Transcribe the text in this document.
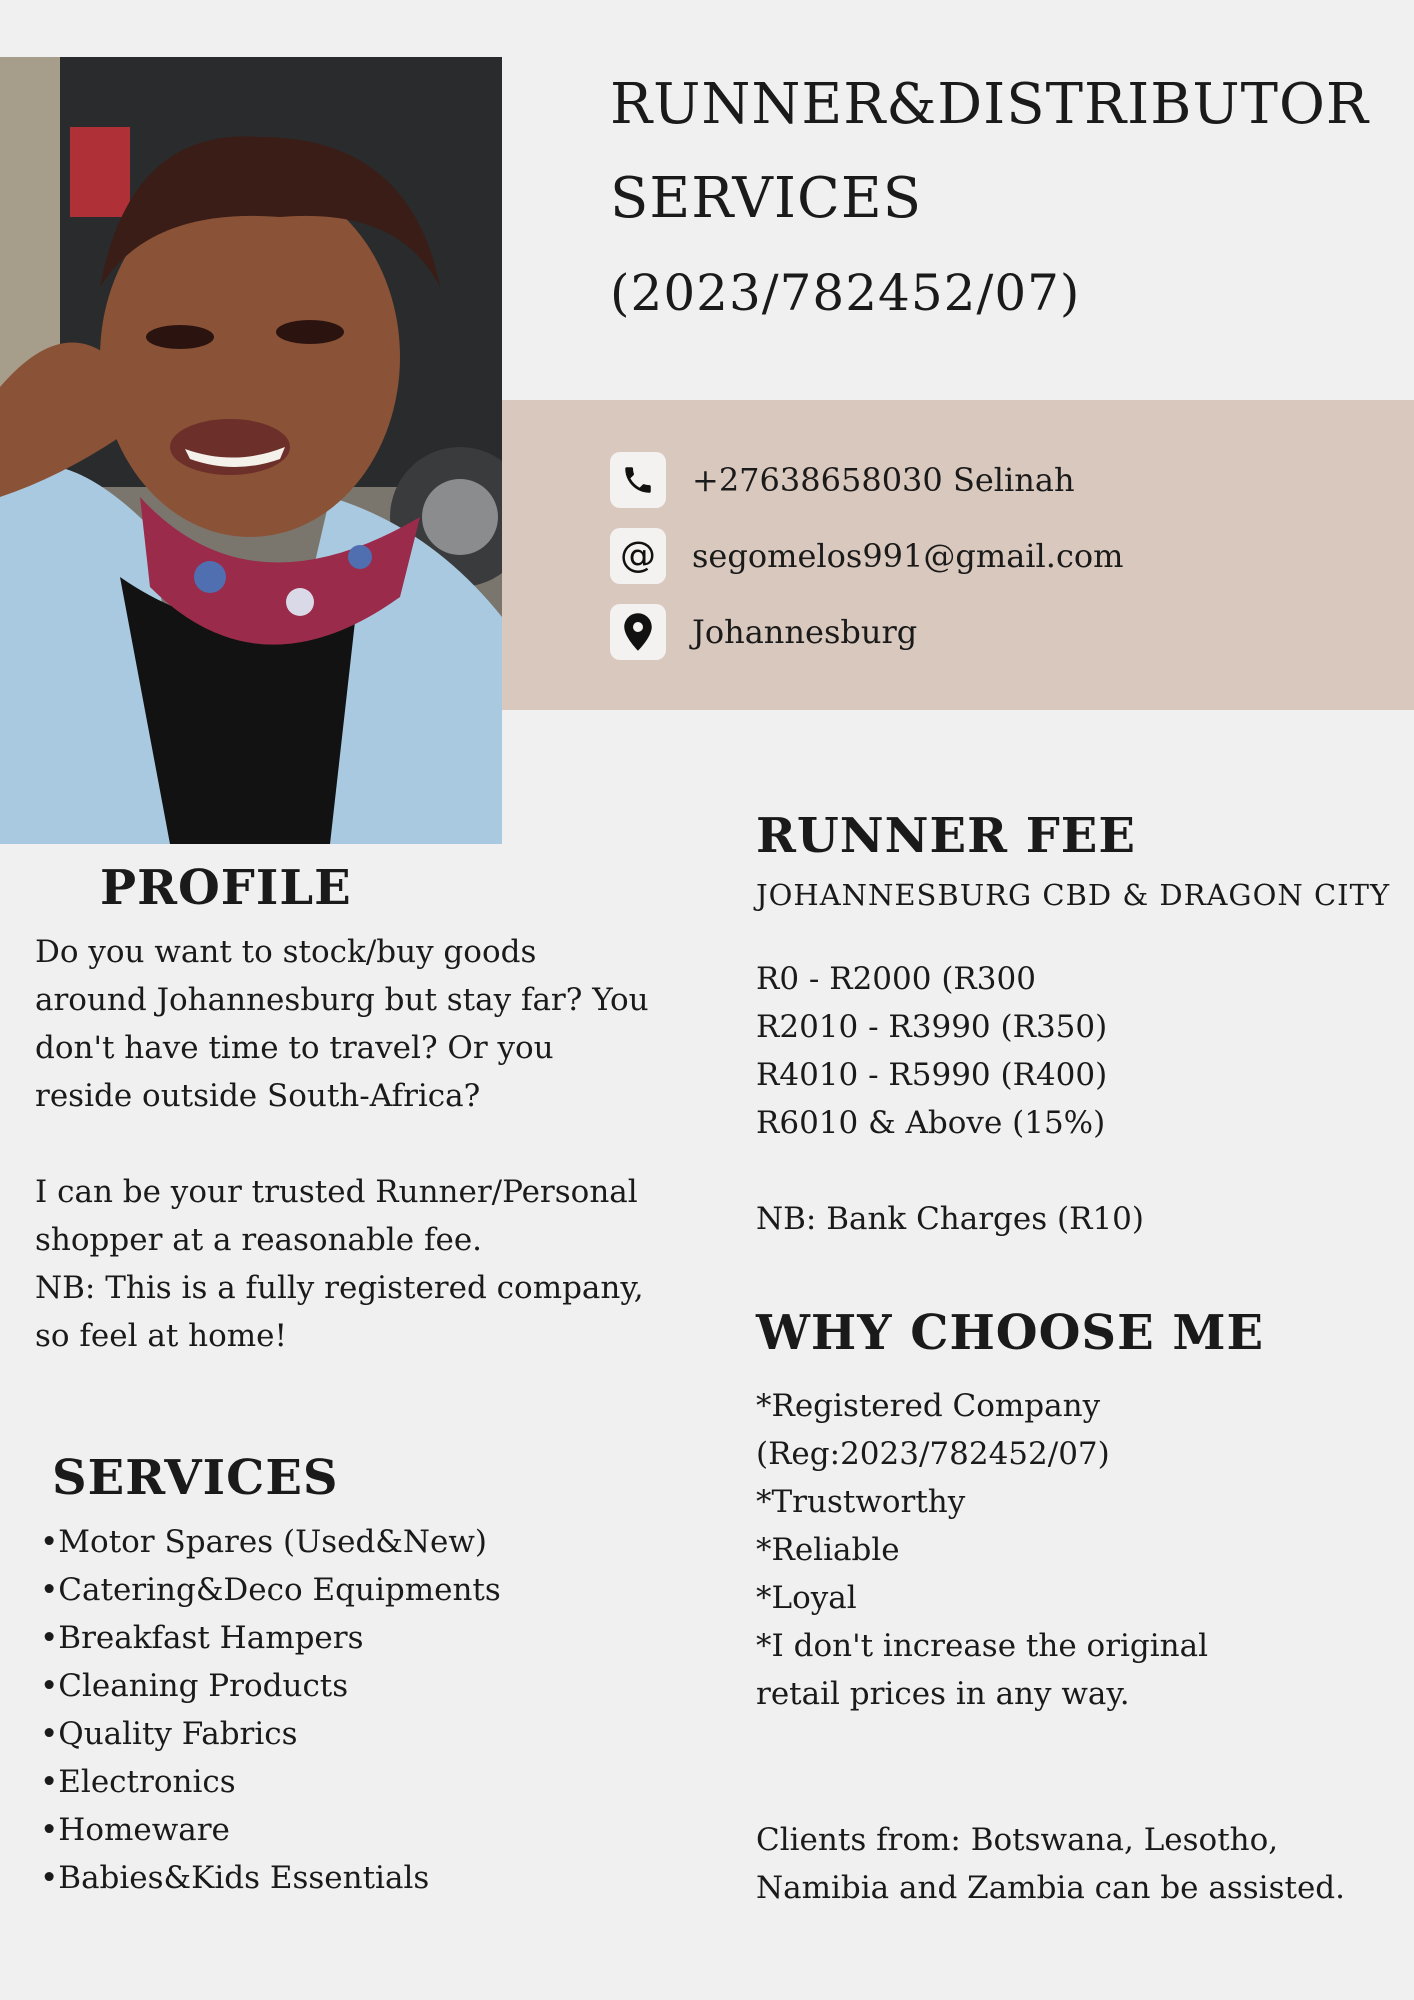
RUNNER&DISTRIBUTOR
SERVICES
(2023/782452/07)
+27638658030 Selinah
@ segomelos991@gmail.com
Johannesburg
PROFILE

Do you want to stock/buy goods around Johannesburg but stay far? You don't have time to travel? Or you reside outside South-Africa?

I can be your trusted Runner/Personal shopper at a reasonable fee.

NB: This is a fully registered company, so feel at home!

SERVICES
•Motor Spares (Used&New)
•Catering&Deco Equipments
•Breakfast Hampers
•Cleaning Products
•Quality Fabrics
•Electronics
•Homeware
•Babies&Kids Essentials
RUNNER FEE
JOHANNESBURG CBD & DRAGON CITY
R0 - R2000 (R300
R2010 - R3990 (R350)
R4010 - R5990 (R400)
R6010 & Above (15%)
NB: Bank Charges (R10)
WHY CHOOSE ME
*Registered Company
(Reg:2023/782452/07)
*Trustworthy
*Reliable
*Loyal
*I don't increase the original
retail prices in any way.
Clients from: Botswana, Lesotho, Namibia and Zambia can be assisted.
